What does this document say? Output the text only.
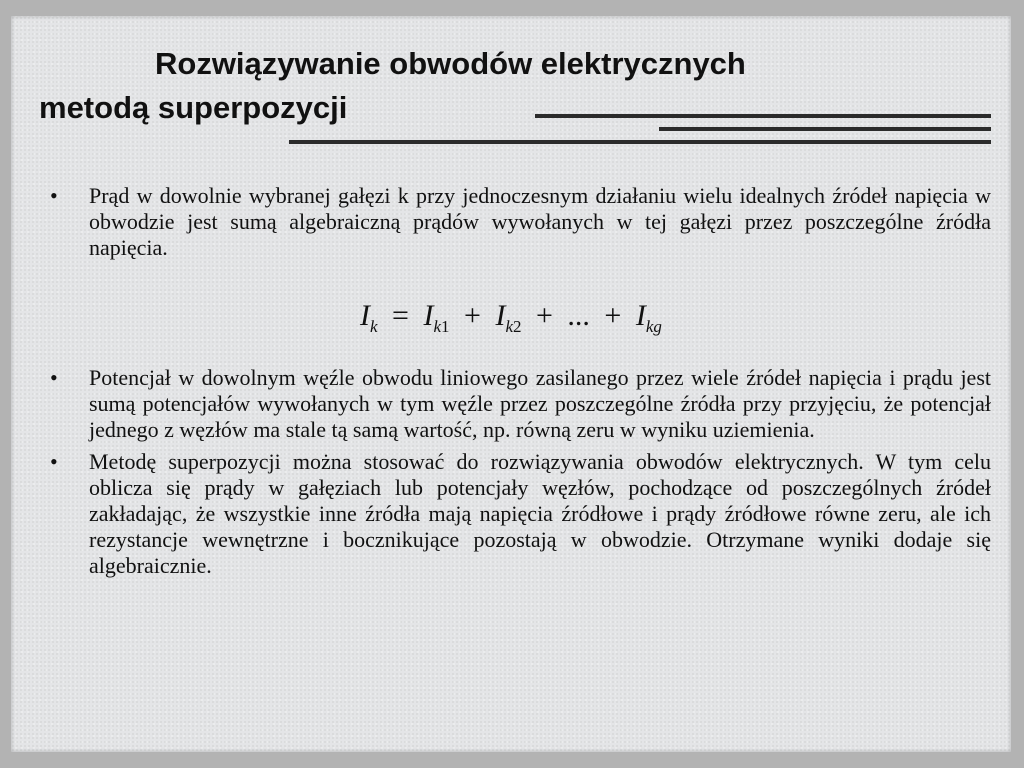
Rozwiązywanie obwodów elektrycznych
metodą superpozycji
• Prąd w dowolnie wybranej gałęzi k przy jednoczesnym działaniu wielu idealnych źródeł napięcia w obwodzie jest sumą algebraiczną prądów wywołanych w tej gałęzi przez poszczególne źródła napięcia.
• Potencjał w dowolnym węźle obwodu liniowego zasilanego przez wiele źródeł napięcia i prądu jest sumą potencjałów wywołanych w tym węźle przez poszczególne źródła przy przyjęciu, że potencjał jednego z węzłów ma stale tą samą wartość, np. równą zeru w wyniku uziemienia.
• Metodę superpozycji można stosować do rozwiązywania obwodów elektrycznych. W tym celu oblicza się prądy w gałęziach lub potencjały węzłów, pochodzące od poszczególnych źródeł zakładając, że wszystkie inne źródła mają napięcia źródłowe i prądy źródłowe równe zeru, ale ich rezystancje wewnętrzne i bocznikujące pozostają w obwodzie. Otrzymane wyniki dodaje się algebraicznie.
$I_k = I_{k1} + I_{k2}$ + ... + $I_{kg}$
